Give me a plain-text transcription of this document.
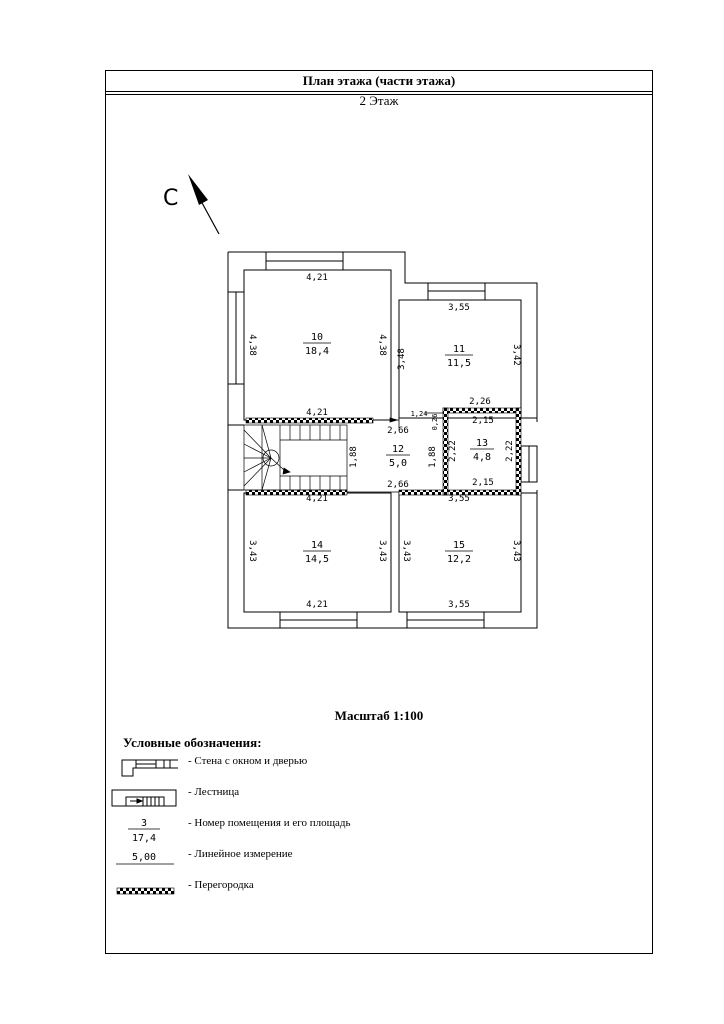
План этажа (части этажа)
2 Этаж
Масштаб 1:100
Условные обозначения:
- Стена с окном и дверью
- Лестница
- Номер помещения и его площадь
- Линейное измерение
- Перегородка
С
10
18,4	11
11,5
12
5,0
13
4,8
14
14,5
15
12,2
4,21
4,21
3,55
2,26
2,66
2,66
2,15
2,15
4,21
4,21
3,55
3,55
1,24 0,26
4,38	4,38
3,48	3,42
1,88	1,88 2,22	2,22
3,43	3,43 3,43	3,43
3
17,4
5,00
